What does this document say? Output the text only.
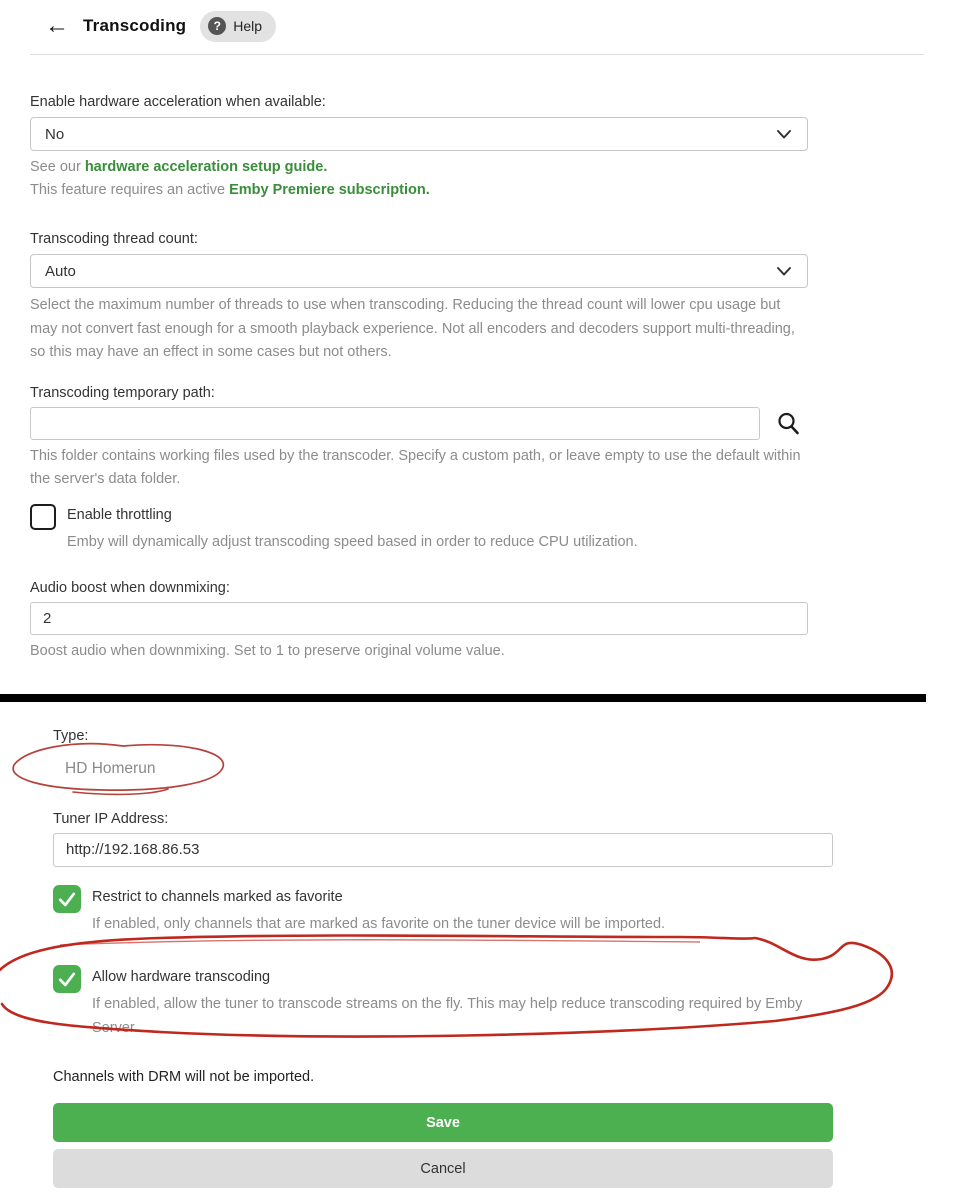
← Transcoding	? Help
Enable hardware acceleration when available:
No
See our hardware acceleration setup guide.
This feature requires an active Emby Premiere subscription.
Transcoding thread count:
Auto
Select the maximum number of threads to use when transcoding. Reducing the thread count will lower cpu usage but may not convert fast enough for a smooth playback experience. Not all encoders and decoders support multi-threading, so this may have an effect in some cases but not others.
Transcoding temporary path:
This folder contains working files used by the transcoder. Specify a custom path, or leave empty to use the default within the server's data folder.
Enable throttling
Emby will dynamically adjust transcoding speed based in order to reduce CPU utilization.
Audio boost when downmixing:
2
Boost audio when downmixing. Set to 1 to preserve original volume value.
Type:
HD Homerun
Tuner IP Address:
http://192.168.86.53
Restrict to channels marked as favorite
If enabled, only channels that are marked as favorite on the tuner device will be imported.
Allow hardware transcoding
If enabled, allow the tuner to transcode streams on the fly. This may help reduce transcoding required by Emby Server.
Channels with DRM will not be imported.
Save
Cancel
